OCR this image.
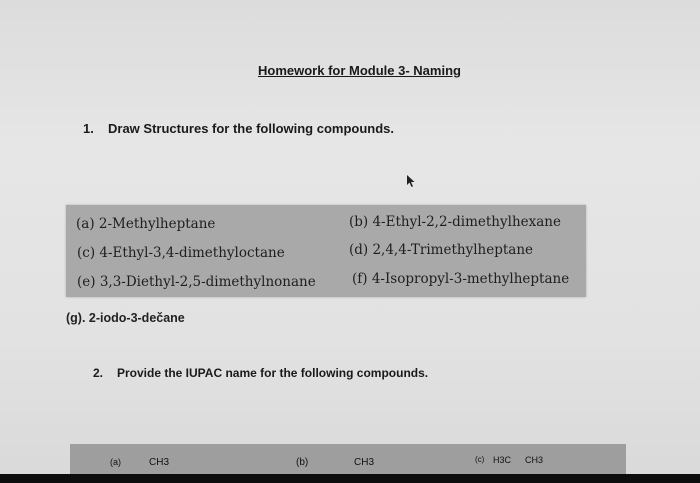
Homework for Module 3- Naming
1. Draw Structures for the following compounds.
(a) 2-Methylheptane	(b) 4-Ethyl-2,2-dimethylhexane
(c) 4-Ethyl-3,4-dimethyloctane	(d) 2,4,4-Trimethylheptane
(e) 3,3-Diethyl-2,5-dimethylnonane	(f) 4-Isopropyl-3-methylheptane
(g). 2-iodo-3-dečane
2. Provide the IUPAC name for the following compounds.
(a)	CH3	(b)	CH3	(c) H3C CH3
